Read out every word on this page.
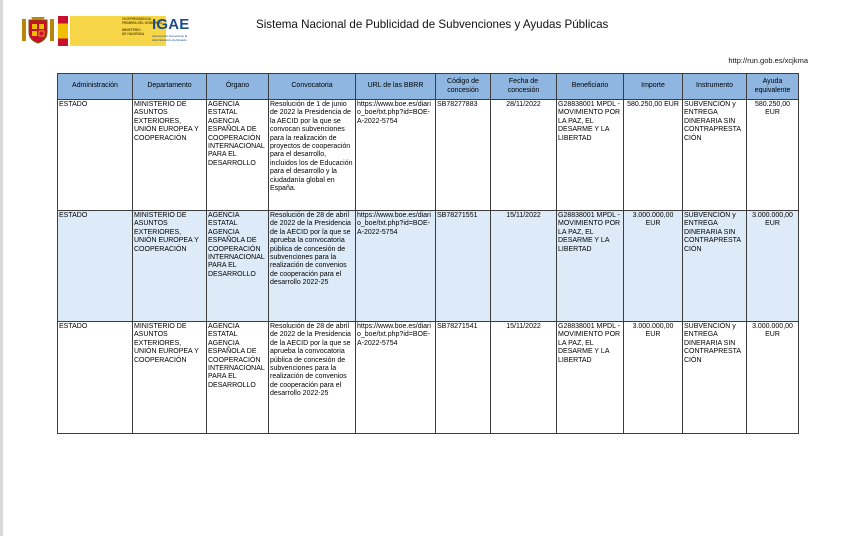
VICEPRESIDENCIA
PRIMERA DEL GOBIERNO

MINISTERIO
DE HACIENDA
IGAE
Intervención General de la
Administración del Estado
Sistema Nacional de Publicidad de Subvenciones y Ayudas Públicas
http://run.gob.es/xcjkma
Administración	Departamento	Órgano	Convocatoria	URL de las BBRR	Código de concesión	Fecha de concesión	Beneficiario	Importe	Instrumento	Ayuda equivalente
ESTADO	MINISTERIO DE ASUNTOS EXTERIORES, UNIÓN EUROPEA Y COOPERACIÓN	AGENCIA ESTATAL AGENCIA ESPAÑOLA DE COOPERACIÓN INTERNACIONAL PARA EL DESARROLLO	Resolución de 1 de junio de 2022 la Presidencia de la AECID por la que se convocan subvenciones para la realización de proyectos de cooperación para el desarrollo, incluidos los de Educación para el desarrollo y la ciudadanía global en España.	https://www.boe.es/diario_boe/txt.php?id=BOE-A-2022-5754	SB78277883	28/11/2022	G28838001 MPDL - MOVIMIENTO POR LA PAZ, EL DESARME Y LA LIBERTAD	580.250,00 EUR	SUBVENCIÓN y ENTREGA DINERARIA SIN CONTRAPRESTACIÓN	580.250,00 EUR
ESTADO	MINISTERIO DE ASUNTOS EXTERIORES, UNIÓN EUROPEA Y COOPERACIÓN	AGENCIA ESTATAL AGENCIA ESPAÑOLA DE COOPERACIÓN INTERNACIONAL PARA EL DESARROLLO	Resolución de 28 de abril de 2022 de la Presidencia de la AECID por la que se aprueba la convocatoria pública de concesión de subvenciones para la realización de convenios de cooperación para el desarrollo 2022-25	https://www.boe.es/diario_boe/txt.php?id=BOE-A-2022-5754	SB78271551	15/11/2022	G28838001 MPDL - MOVIMIENTO POR LA PAZ, EL DESARME Y LA LIBERTAD	3.000.000,00 EUR	SUBVENCIÓN y ENTREGA DINERARIA SIN CONTRAPRESTACIÓN	3.000.000,00 EUR
ESTADO	MINISTERIO DE ASUNTOS EXTERIORES, UNIÓN EUROPEA Y COOPERACIÓN	AGENCIA ESTATAL AGENCIA ESPAÑOLA DE COOPERACIÓN INTERNACIONAL PARA EL DESARROLLO	Resolución de 28 de abril de 2022 de la Presidencia de la AECID por la que se aprueba la convocatoria pública de concesión de subvenciones para la realización de convenios de cooperación para el desarrollo 2022-25	https://www.boe.es/diario_boe/txt.php?id=BOE-A-2022-5754	SB78271541	15/11/2022	G28838001 MPDL - MOVIMIENTO POR LA PAZ, EL DESARME Y LA LIBERTAD	3.000.000,00 EUR	SUBVENCIÓN y ENTREGA DINERARIA SIN CONTRAPRESTACIÓN	3.000.000,00 EUR
